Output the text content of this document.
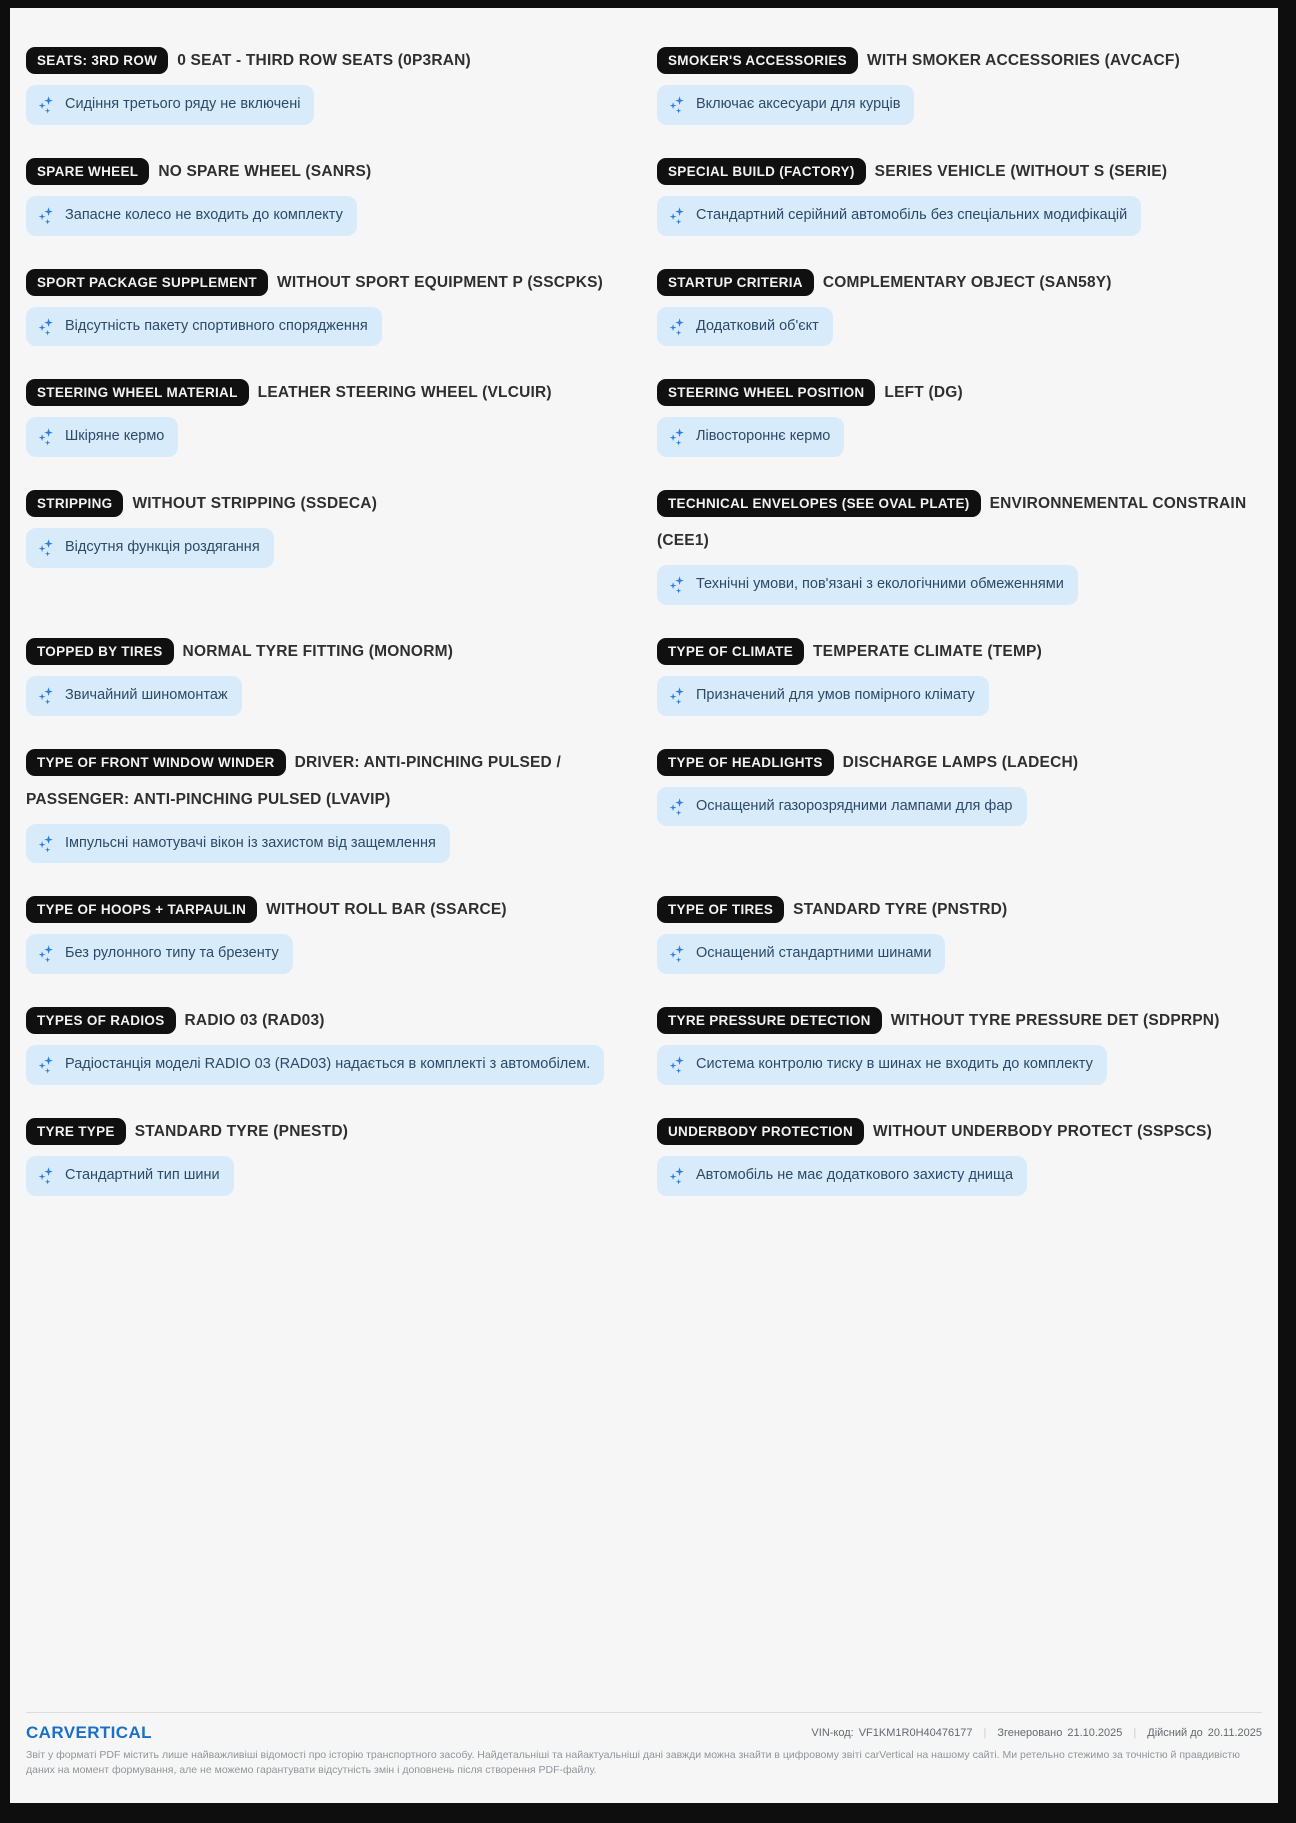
SEATS: 3RD ROW 0 SEAT - THIRD ROW SEATS (0P3RAN)
Сидіння третього ряду не включені
SMOKER'S ACCESSORIES WITH SMOKER ACCESSORIES (AVCACF)
Включає аксесуари для курців
SPARE WHEEL NO SPARE WHEEL (SANRS)
Запасне колесо не входить до комплекту
SPECIAL BUILD (FACTORY) SERIES VEHICLE (WITHOUT S (SERIE)
Стандартний серійний автомобіль без спеціальних модифікацій
SPORT PACKAGE SUPPLEMENT WITHOUT SPORT EQUIPMENT P (SSCPKS)
Відсутність пакету спортивного спорядження
STARTUP CRITERIA COMPLEMENTARY OBJECT (SAN58Y)
Додатковий об'єкт
STEERING WHEEL MATERIAL LEATHER STEERING WHEEL (VLCUIR)
Шкіряне кермо
STEERING WHEEL POSITION LEFT (DG)
Лівостороннє кермо
STRIPPING WITHOUT STRIPPING (SSDECA)
Відсутня функція роздягання
TECHNICAL ENVELOPES (SEE OVAL PLATE) ENVIRONNEMENTAL CONSTRAIN (CEE1)
Технічні умови, пов'язані з екологічними обмеженнями
TOPPED BY TIRES NORMAL TYRE FITTING (MONORM)
Звичайний шиномонтаж
TYPE OF CLIMATE TEMPERATE CLIMATE (TEMP)
Призначений для умов помірного клімату
TYPE OF FRONT WINDOW WINDER DRIVER: ANTI-PINCHING PULSED / PASSENGER: ANTI-PINCHING PULSED (LVAVIP)
Імпульсні намотувачі вікон із захистом від защемлення
TYPE OF HEADLIGHTS DISCHARGE LAMPS (LADECH)
Оснащений газорозрядними лампами для фар
TYPE OF HOOPS + TARPAULIN WITHOUT ROLL BAR (SSARCE)
Без рулонного типу та брезенту
TYPE OF TIRES STANDARD TYRE (PNSTRD)
Оснащений стандартними шинами
TYPES OF RADIOS RADIO 03 (RAD03)
Радіостанція моделі RADIO 03 (RAD03) надається в комплекті з автомобілем.
TYRE PRESSURE DETECTION WITHOUT TYRE PRESSURE DET (SDPRPN)
Система контролю тиску в шинах не входить до комплекту
TYRE TYPE STANDARD TYRE (PNESTD)
Стандартний тип шини
UNDERBODY PROTECTION WITHOUT UNDERBODY PROTECT (SSPSCS)
Автомобіль не має додаткового захисту днища
CARVERTICAL	VIN-код: VF1KM1R0H40476177 | Згенеровано 21.10.2025 | Дійсний до 20.11.2025
Звіт у форматі PDF містить лише найважливіші відомості про історію транспортного засобу. Найдетальніші та найактуальніші дані завжди можна знайти в цифровому звіті carVertical на нашому сайті. Ми ретельно стежимо за точністю й правдивістю даних на момент формування, але не можемо гарантувати відсутність змін і доповнень після створення PDF-файлу.
